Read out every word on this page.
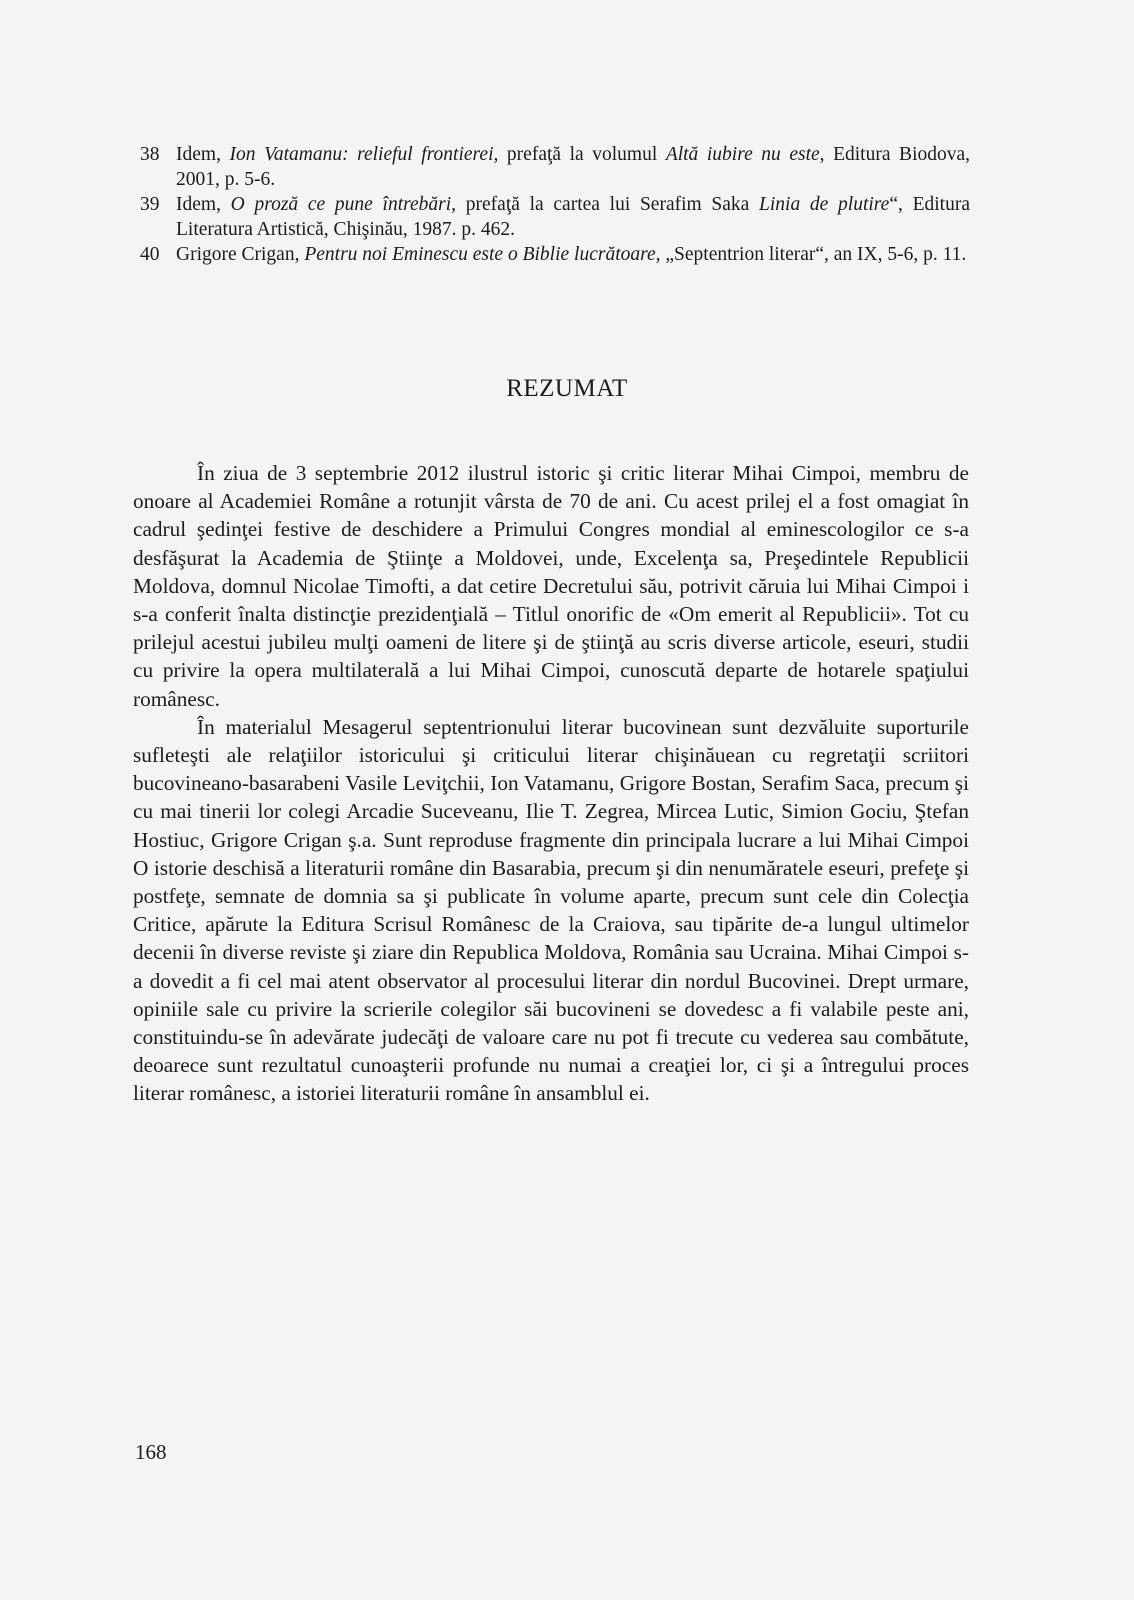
38 Idem, Ion Vatamanu: relieful frontierei, prefaţă la volumul Altă iubire nu este, Editura Biodova, 2001, p. 5-6.
39 Idem, O proză ce pune întrebări, prefaţă la cartea lui Serafim Saka Linia de plutire“, Editura Literatura Artistică, Chişinău, 1987. p. 462.
40 Grigore Crigan, Pentru noi Eminescu este o Biblie lucrătoare, „Septentrion literar“, an IX, 5-6, p. 11.
REZUMAT

În ziua de 3 septembrie 2012 ilustrul istoric şi critic literar Mihai Cimpoi, membru de onoare al Academiei Române a rotunjit vârsta de 70 de ani. Cu acest prilej el a fost omagiat în cadrul şedinţei festive de deschidere a Primului Congres mondial al eminescologilor ce s-a desfăşurat la Academia de Ştiinţe a Moldovei, unde, Excelenţa sa, Preşedintele Republicii Moldova, domnul Nicolae Timofti, a dat cetire Decretului său, potrivit căruia lui Mihai Cimpoi i s-a conferit înalta distincţie prezidenţială – Titlul onorific de «Om emerit al Republicii». Tot cu prilejul acestui jubileu mulţi oameni de litere şi de ştiinţă au scris diverse articole, eseuri, studii cu privire la opera multilaterală a lui Mihai Cimpoi, cunoscută departe de hotarele spaţiului românesc.

În materialul Mesagerul septentrionului literar bucovinean sunt dezvăluite suporturile sufleteşti ale relaţiilor istoricului şi criticului literar chişinăuean cu regretaţii scriitori bucovineano-basarabeni Vasile Leviţchii, Ion Vatamanu, Grigore Bostan, Serafim Saca, precum şi cu mai tinerii lor colegi Arcadie Suceveanu, Ilie T. Zegrea, Mircea Lutic, Simion Gociu, Ştefan Hostiuc, Grigore Crigan ş.a. Sunt reproduse fragmente din principala lucrare a lui Mihai Cimpoi O istorie deschisă a literaturii române din Basarabia, precum şi din nenumăratele eseuri, prefeţe şi postfeţe, semnate de domnia sa şi publicate în volume aparte, precum sunt cele din Colecţia Critice, apărute la Editura Scrisul Românesc de la Craiova, sau tipărite de-a lungul ultimelor decenii în diverse reviste şi ziare din Republica Moldova, România sau Ucraina. Mihai Cimpoi s-a dovedit a fi cel mai atent observator al procesului literar din nordul Bucovinei. Drept urmare, opiniile sale cu privire la scrierile colegilor săi bucovineni se dovedesc a fi valabile peste ani, constituindu-se în adevărate judecăţi de valoare care nu pot fi trecute cu vederea sau combătute, deoarece sunt rezultatul cunoaşterii profunde nu numai a creaţiei lor, ci şi a întregului proces literar românesc, a istoriei literaturii române în ansamblul ei.

168
